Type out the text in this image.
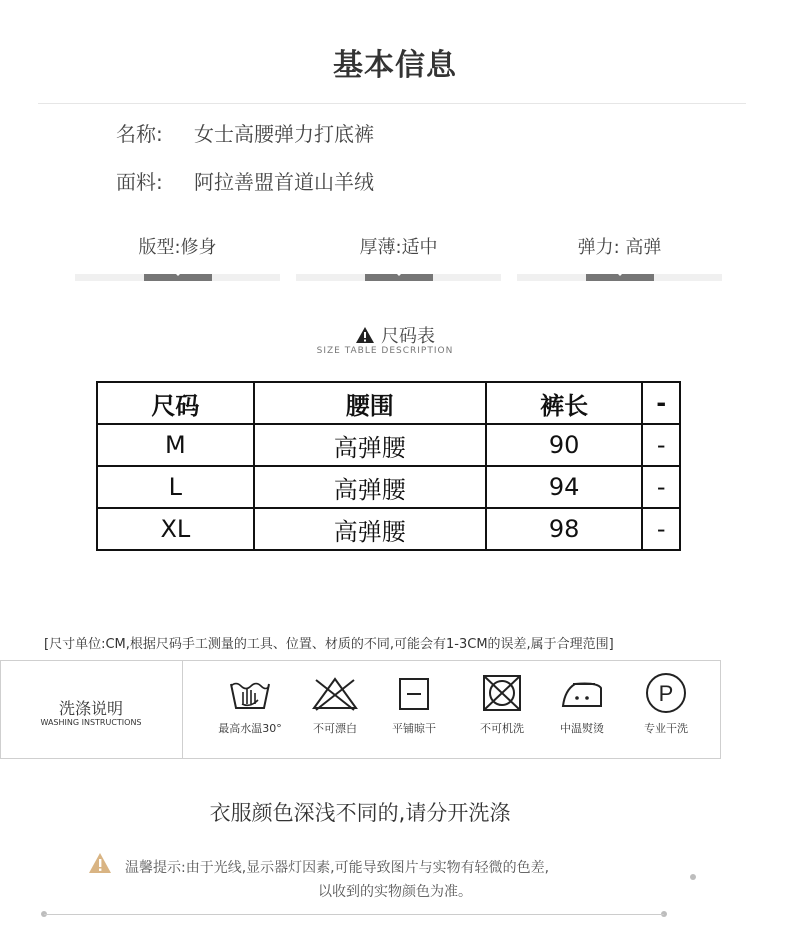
基本信息
名称: 女士高腰弹力打底裤
面料: 阿拉善盟首道山羊绒
版型:修身	厚薄:适中	弹力: 高弹
尺码表
SIZE TABLE DESCRIPTION
尺码	腰围	裤长	-
M	高弹腰	90	-
L	高弹腰	94	-
XL	高弹腰	98	-
[尺寸单位:CM,根据尺码手工测量的工具、位置、材质的不同,可能会有1-3CM的误差,属于合理范围]
洗涤说明
WASHING INSTRUCTIONS	最高水温30°	不可漂白	平铺晾干	不可机洗	中温熨烫
P
专业干洗
衣服颜色深浅不同的,请分开洗涤
温馨提示:由于光线,显示器灯因素,可能导致图片与实物有轻微的色差,
以收到的实物颜色为准。
